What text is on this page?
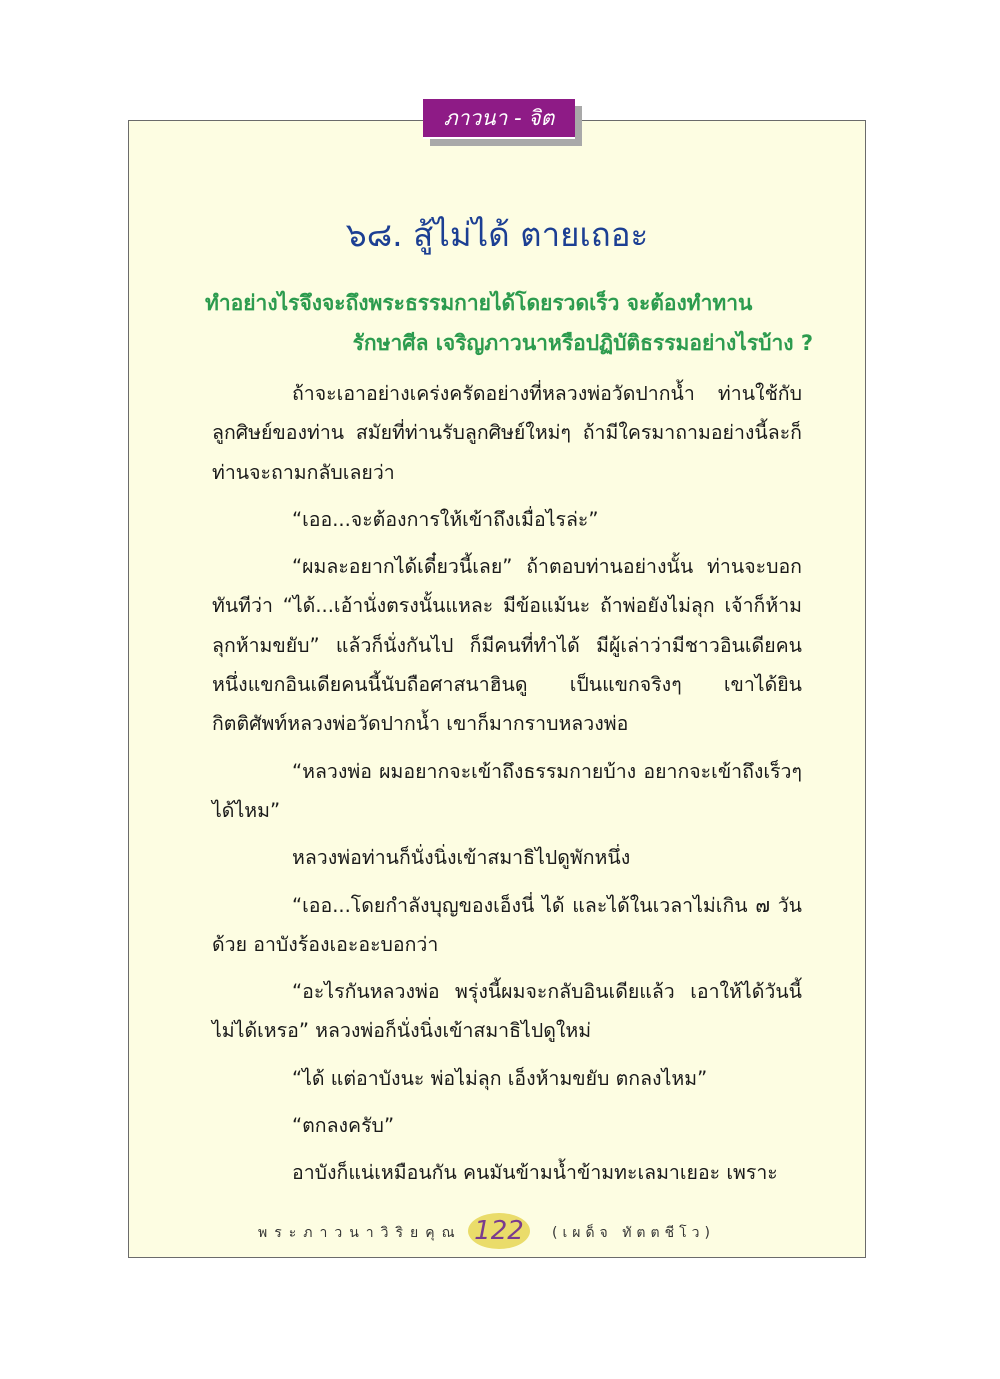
ภาวนา - จิต
๖๘. สู้ไม่ได้ ตายเถอะ
ทำอย่างไรจึงจะถึงพระธรรมกายได้โดยรวดเร็ว จะต้องทำทาน
รักษาศีล เจริญภาวนาหรือปฏิบัติธรรมอย่างไรบ้าง ?

ถ้าจะเอาอย่างเคร่งครัดอย่างที่หลวงพ่อวัดปากน้ำ ท่านใช้กับลูกศิษย์ของท่าน สมัยที่ท่านรับลูกศิษย์ใหม่ๆ ถ้ามีใครมาถามอย่างนี้ละก็ท่านจะถามกลับเลยว่า

“เออ...จะต้องการให้เข้าถึงเมื่อไรล่ะ”

“ผมละอยากได้เดี๋ยวนี้เลย” ถ้าตอบท่านอย่างนั้น ท่านจะบอกทันทีว่า “ได้...เอ้านั่งตรงนั้นแหละ มีข้อแม้นะ ถ้าพ่อยังไม่ลุก เจ้าก็ห้ามลุกห้ามขยับ” แล้วก็นั่งกันไป ก็มีคนที่ทำได้ มีผู้เล่าว่ามีชาวอินเดียคนหนึ่งแขกอินเดียคนนี้นับถือศาสนาฮินดู เป็นแขกจริงๆ เขาได้ยินกิตติศัพท์หลวงพ่อวัดปากน้ำ เขาก็มากราบหลวงพ่อ

“หลวงพ่อ ผมอยากจะเข้าถึงธรรมกายบ้าง อยากจะเข้าถึงเร็วๆ ได้ไหม”

หลวงพ่อท่านก็นั่งนิ่งเข้าสมาธิไปดูพักหนึ่ง

“เออ...โดยกำลังบุญของเอ็งนี่ ได้ และได้ในเวลาไม่เกิน ๗ วันด้วย อาบังร้องเอะอะบอกว่า

“อะไรกันหลวงพ่อ พรุ่งนี้ผมจะกลับอินเดียแล้ว เอาให้ได้วันนี้ไม่ได้เหรอ” หลวงพ่อก็นั่งนิ่งเข้าสมาธิไปดูใหม่

“ได้ แต่อาบังนะ พ่อไม่ลุก เอ็งห้ามขยับ ตกลงไหม”

“ตกลงครับ”

อาบังก็แน่เหมือนกัน คนมันข้ามน้ำข้ามทะเลมาเยอะ เพราะ

พระภาวนาวิริยคุณ 122	(เผด็จ ทัตตชีโว)
